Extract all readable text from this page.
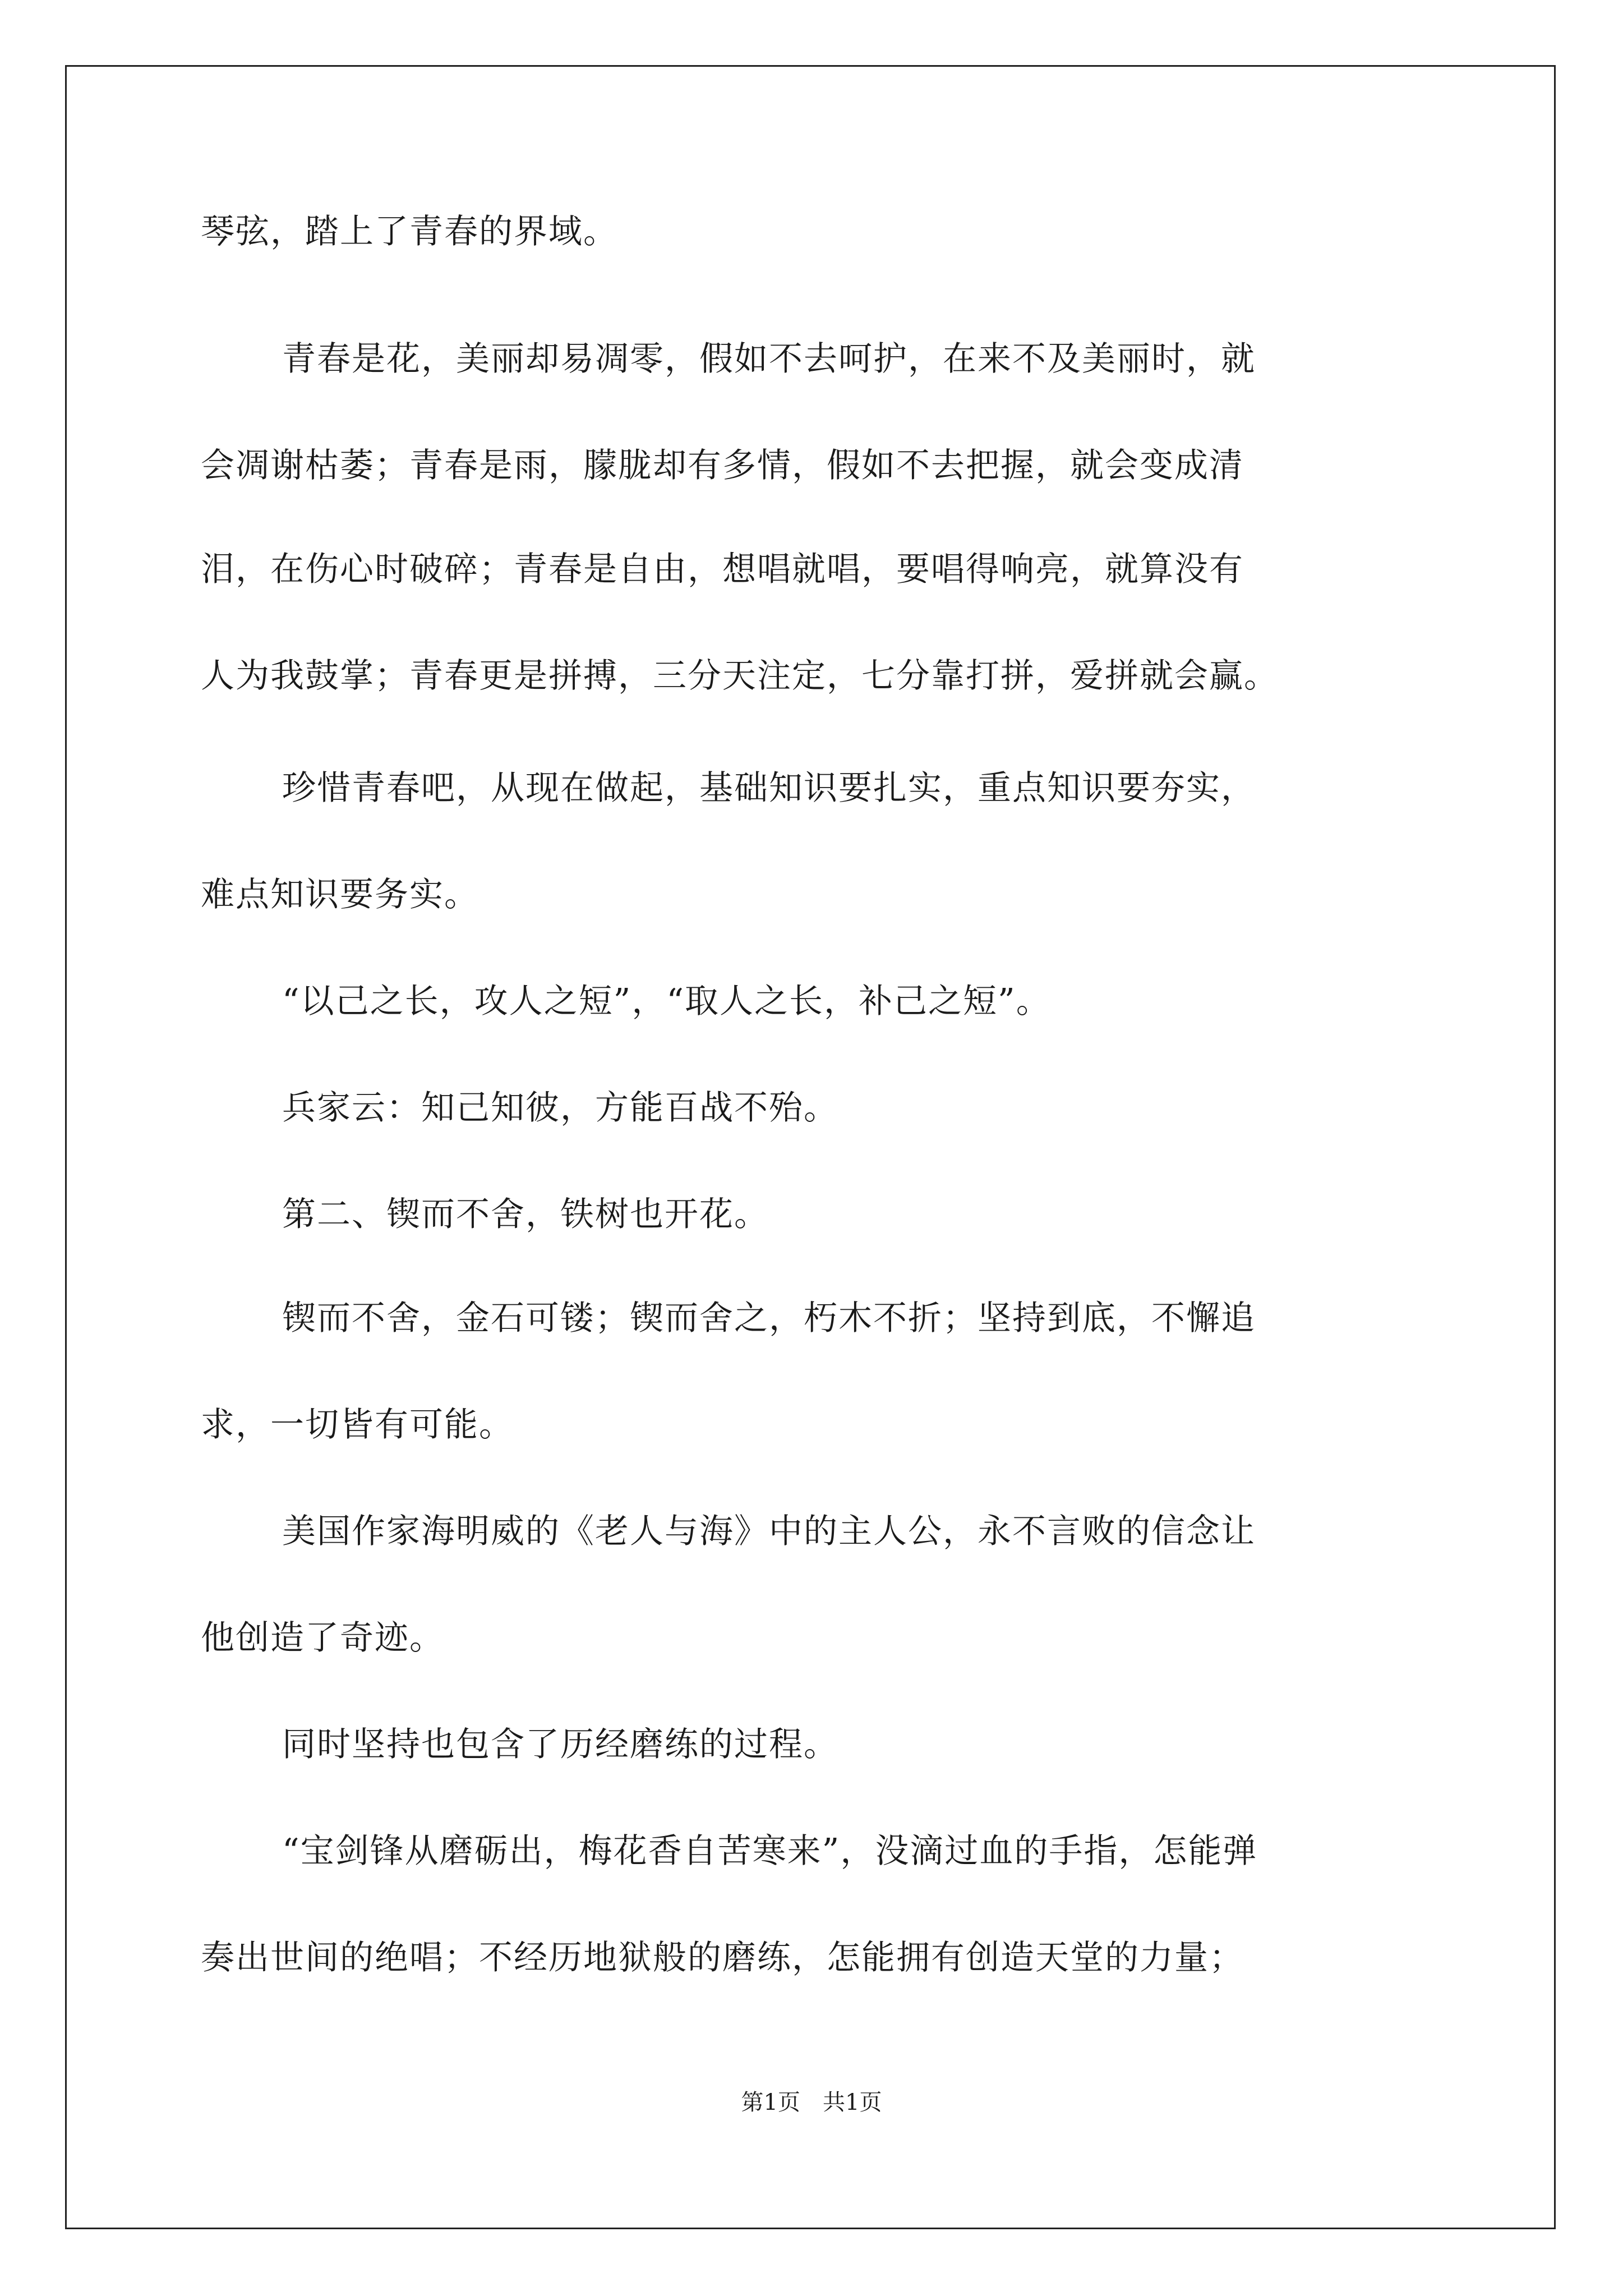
琴弦，踏上了青春的界域。
青春是花，美丽却易凋零，假如不去呵护，在来不及美丽时，就
会凋谢枯萎；青春是雨，朦胧却有多情，假如不去把握，就会变成清
泪，在伤心时破碎；青春是自由，想唱就唱，要唱得响亮，就算没有
人为我鼓掌；青春更是拼搏，三分天注定，七分靠打拼，爱拼就会赢。
珍惜青春吧，从现在做起，基础知识要扎实，重点知识要夯实，
难点知识要务实。
“以己之长，攻人之短”，“取人之长，补己之短”。
兵家云：知己知彼，方能百战不殆。
第二、锲而不舍，铁树也开花。
锲而不舍，金石可镂；锲而舍之，朽木不折；坚持到底，不懈追
求，一切皆有可能。
美国作家海明威的《老人与海》中的主人公，永不言败的信念让
他创造了奇迹。
同时坚持也包含了历经磨练的过程。
“宝剑锋从磨砺出，梅花香自苦寒来”，没滴过血的手指，怎能弹
奏出世间的绝唱；不经历地狱般的磨练，怎能拥有创造天堂的力量；
第1页　共1页
